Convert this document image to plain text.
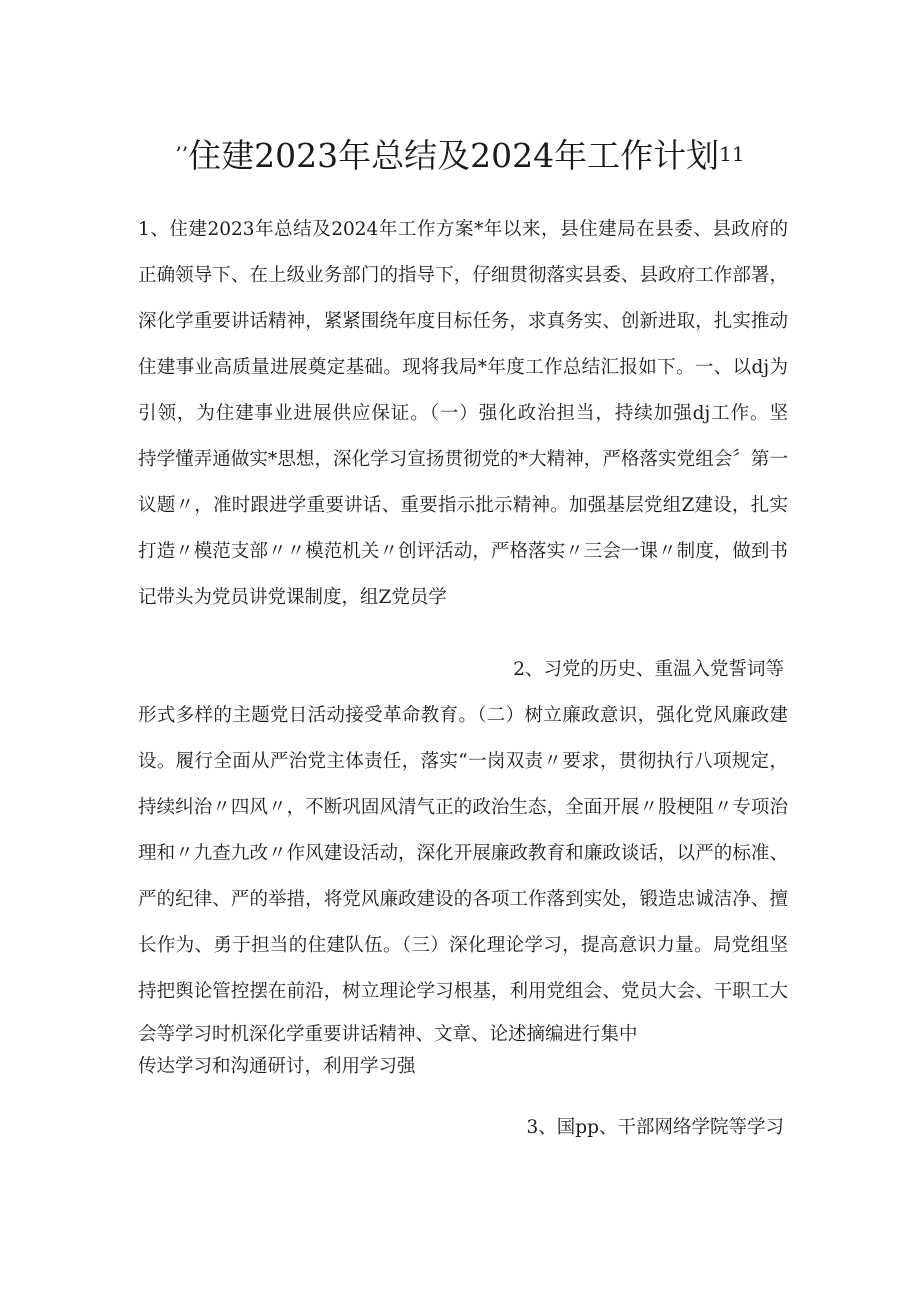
’’住建2023年总结及2024年工作计划11
1、住建2023年总结及2024年工作方案*年以来，县住建局在县委、县政府的
正确领导下、在上级业务部门的指导下，仔细贯彻落实县委、县政府工作部署，
深化学重要讲话精神，紧紧围绕年度目标任务，求真务实、创新进取，扎实推动
住建事业高质量进展奠定基础。现将我局*年度工作总结汇报如下。一、以dj为
引领，为住建事业进展供应保证。（一）强化政治担当，持续加强dj工作。坚
持学懂弄通做实*思想，深化学习宣扬贯彻党的*大精神，严格落实党组会〞第一
议题〃，准时跟进学重要讲话、重要指示批示精神。加强基层党组Z建设，扎实
打造〃模范支部〃〃模范机关〃创评活动，严格落实〃三会一课〃制度，做到书
记带头为党员讲党课制度，组Z党员学
2、习党的历史、重温入党誓词等
形式多样的主题党日活动接受革命教育。（二）树立廉政意识，强化党风廉政建
设。履行全面从严治党主体责任，落实“一岗双责〃要求，贯彻执行八项规定，
持续纠治〃四风〃，不断巩固风清气正的政治生态，全面开展〃股梗阻〃专项治
理和〃九查九改〃作风建设活动，深化开展廉政教育和廉政谈话，以严的标准、
严的纪律、严的举措，将党风廉政建设的各项工作落到实处，锻造忠诚洁净、擅
长作为、勇于担当的住建队伍。（三）深化理论学习，提高意识力量。局党组坚
持把舆论管控摆在前沿，树立理论学习根基，利用党组会、党员大会、干职工大
会等学习时机深化学重要讲话精神、文章、论述摘编进行集中
传达学习和沟通研讨，利用学习强
3、国pp、干部网络学院等学习
